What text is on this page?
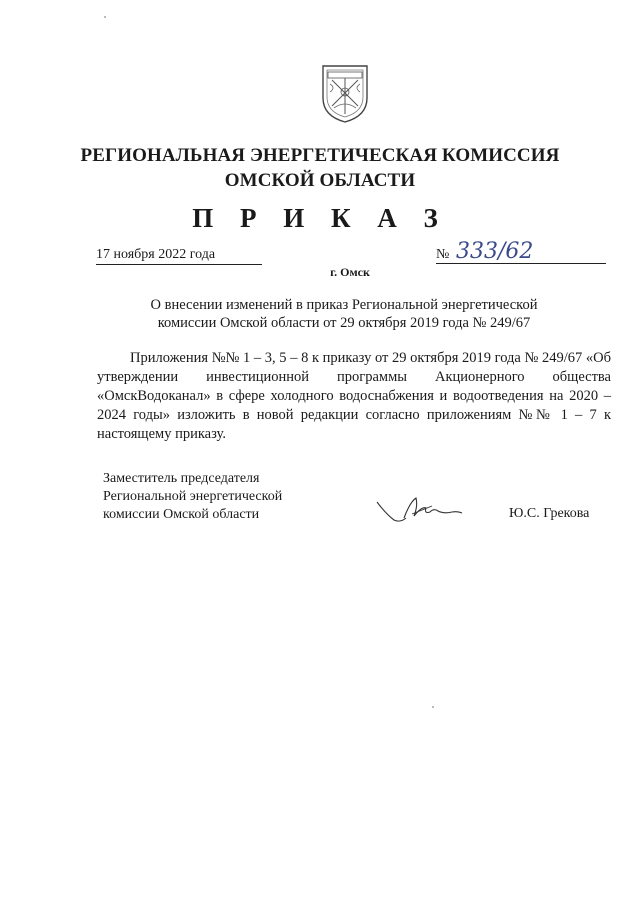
РЕГИОНАЛЬНАЯ ЭНЕРГЕТИЧЕСКАЯ КОМИССИЯ
ОМСКОЙ ОБЛАСТИ
П Р И К А З
17 ноября 2022 года	№ 333/62
г. Омск
О внесении изменений в приказ Региональной энергетической
комиссии Омской области от 29 октября 2019 года № 249/67

Приложения №№ 1 – 3, 5 – 8 к приказу от 29 октября 2019 года № 249/67 «Об утверждении инвестиционной программы Акционерного общества «ОмскВодоканал» в сфере холодного водоснабжения и водоотведения на 2020 – 2024 годы» изложить в новой редакции согласно приложениям №№ 1 – 7 к настоящему приказу.

Заместитель председателя
Региональной энергетической
комиссии Омской области	Ю.С. Грекова
